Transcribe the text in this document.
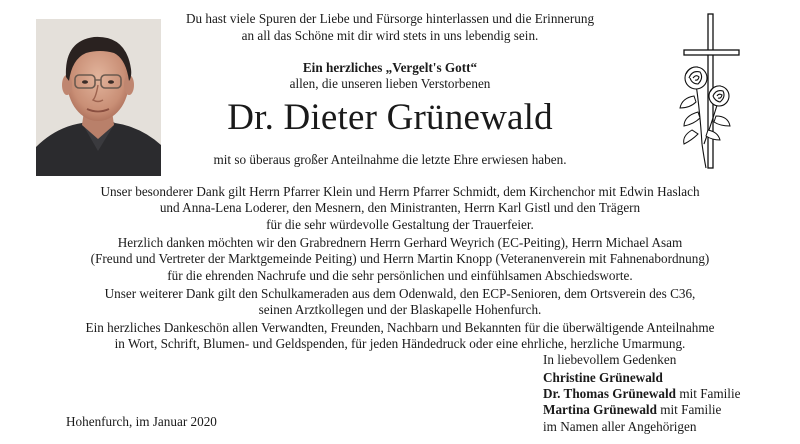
Du hast viele Spuren der Liebe und Fürsorge hinterlassen und die Erinnerung
an all das Schöne mit dir wird stets in uns lebendig sein.
Ein herzliches „Vergelt's Gott“
allen, die unseren lieben Verstorbenen
Dr. Dieter Grünewald
mit so überaus großer Anteilnahme die letzte Ehre erwiesen haben.
Unser besonderer Dank gilt Herrn Pfarrer Klein und Herrn Pfarrer Schmidt, dem Kirchenchor mit Edwin Haslach
und Anna-Lena Loderer, den Mesnern, den Ministranten, Herrn Karl Gistl und den Trägern
für die sehr würdevolle Gestaltung der Trauerfeier.
Herzlich danken möchten wir den Grabrednern Herrn Gerhard Weyrich (EC-Peiting), Herrn Michael Asam
(Freund und Vertreter der Marktgemeinde Peiting) und Herrn Martin Knopp (Veteranenverein mit Fahnenabordnung)
für die ehrenden Nachrufe und die sehr persönlichen und einfühlsamen Abschiedsworte.
Unser weiterer Dank gilt den Schulkameraden aus dem Odenwald, den ECP-Senioren, dem Ortsverein des C36,
seinen Arztkollegen und der Blaskapelle Hohenfurch.
Ein herzliches Dankeschön allen Verwandten, Freunden, Nachbarn und Bekannten für die überwältigende Anteilnahme
in Wort, Schrift, Blumen- und Geldspenden, für jeden Händedruck oder eine ehrliche, herzliche Umarmung.
In liebevollem Gedenken
Christine Grünewald
Dr. Thomas Grünewald mit Familie
Martina Grünewald mit Familie
im Namen aller Angehörigen
Hohenfurch, im Januar 2020
